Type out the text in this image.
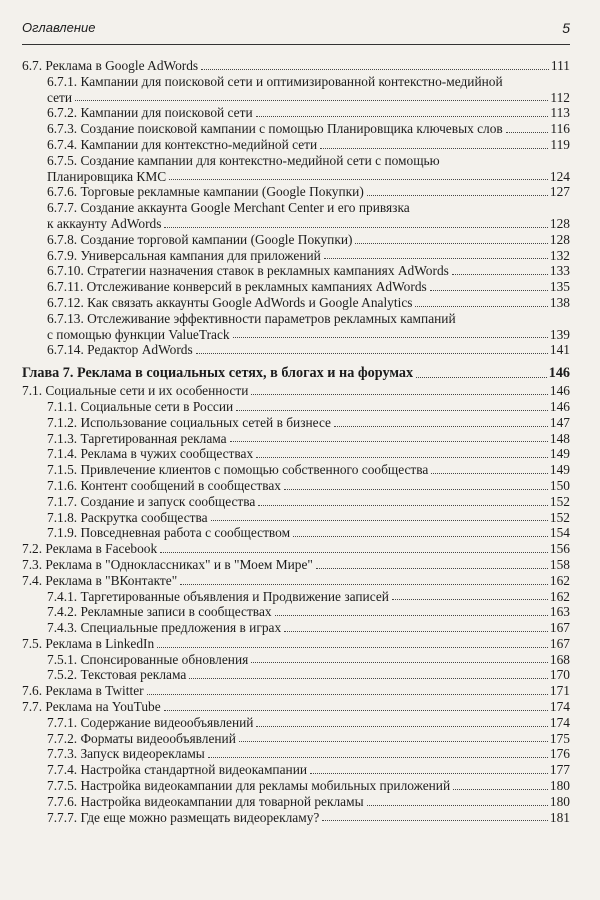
Оглавление	5
6.7. Реклама в Google AdWords	111
6.7.1. Кампании для поисковой сети и оптимизированной контекстно-медийной
сети	112
6.7.2. Кампании для поисковой сети	113
6.7.3. Создание поисковой кампании с помощью Планировщика ключевых слов	116
6.7.4. Кампании для контекстно-медийной сети	119
6.7.5. Создание кампании для контекстно-медийной сети с помощью
Планировщика КМС	124
6.7.6. Торговые рекламные кампании (Google Покупки)	127
6.7.7. Создание аккаунта Google Merchant Center и его привязка
к аккаунту AdWords	128
6.7.8. Создание торговой кампании (Google Покупки)	128
6.7.9. Универсальная кампания для приложений	132
6.7.10. Стратегии назначения ставок в рекламных кампаниях AdWords	133
6.7.11. Отслеживание конверсий в рекламных кампаниях AdWords	135
6.7.12. Как связать аккаунты Google AdWords и Google Analytics	138
6.7.13. Отслеживание эффективности параметров рекламных кампаний
с помощью функции ValueTrack	139
6.7.14. Редактор AdWords	141
Глава 7. Реклама в социальных сетях, в блогах и на форумах	146
7.1. Социальные сети и их особенности	146
7.1.1. Социальные сети в России	146
7.1.2. Использование социальных сетей в бизнесе	147
7.1.3. Таргетированная реклама	148
7.1.4. Реклама в чужих сообществах	149
7.1.5. Привлечение клиентов с помощью собственного сообщества	149
7.1.6. Контент сообщений в сообществах	150
7.1.7. Создание и запуск сообщества	152
7.1.8. Раскрутка сообщества	152
7.1.9. Повседневная работа с сообществом	154
7.2. Реклама в Facebook	156
7.3. Реклама в "Одноклассниках" и в "Моем Мире"	158
7.4. Реклама в "ВКонтакте"	162
7.4.1. Таргетированные объявления и Продвижение записей	162
7.4.2. Рекламные записи в сообществах	163
7.4.3. Специальные предложения в играх	167
7.5. Реклама в LinkedIn	167
7.5.1. Спонсированные обновления	168
7.5.2. Текстовая реклама	170
7.6. Реклама в Twitter	171
7.7. Реклама на YouTube	174
7.7.1. Содержание видеообъявлений	174
7.7.2. Форматы видеообъявлений	175
7.7.3. Запуск видеорекламы	176
7.7.4. Настройка стандартной видеокампании	177
7.7.5. Настройка видеокампании для рекламы мобильных приложений	180
7.7.6. Настройка видеокампании для товарной рекламы	180
7.7.7. Где еще можно размещать видеорекламу?	181
